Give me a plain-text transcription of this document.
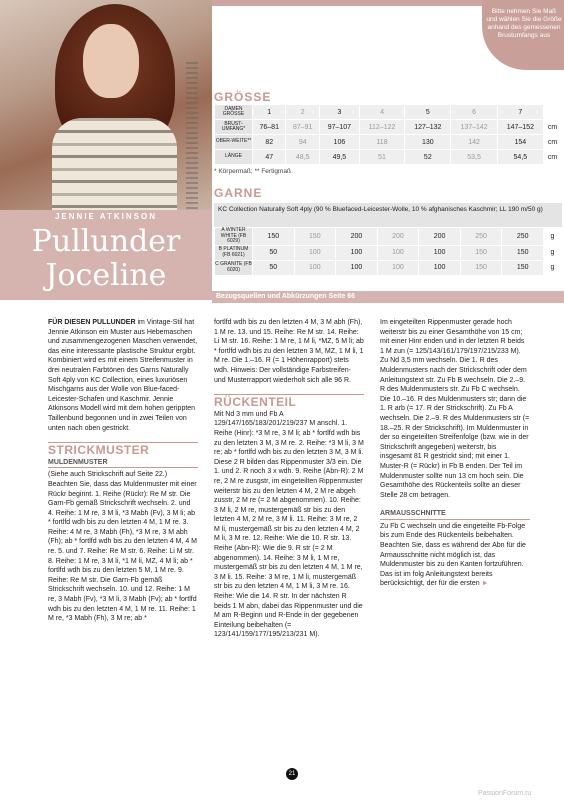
Bitte nehmen Sie Maß und wählen Sie die Größe anhand des gemessenen Brustumfangs aus
JENNIE ATKINSON
Pullunder
Joceline
GRÖSSE
DAMEN GRÖSSE	1	2	3	4	5	6	7	
BRUST-UMFANG*	76–81	87–91	97–107	112–122	127–132	137–142	147–152	cm
OBER-WEITE**	82	94	106	118	130	142	154	cm
LÄNGE	47	48,5	49,5	51	52	53,5	54,5	cm
* Körpermaß; ** Fertigmaß
GARNE
KC Collection Naturally Soft 4ply (90 % Bluefaced-Leicester-Wolle, 10 % afghanisches Kaschmir; LL 190 m/50 g)
A WINTER WHITE (FB 6029)	150	150	200	200	200	250	250	g
B PLATINUM (FB 6021)	50	100	100	100	100	150	150	g
C GRANITE (FB 6020)	50	100	100	100	100	150	150	g
Bezugsquellen und Abkürzungen Seite 66

FÜR DIESEN PULLUNDER im Vintage-Stil hat Jennie Atkinson ein Muster aus Hebemaschen und zusammengezogenen Maschen verwendet, das eine interessante plastische Struktur ergibt. Kombiniert wird es mit einem Streifenmuster in drei neutralen Farbtönen des Garns Naturally Soft 4ply von KC Collection, eines luxuriösen Mischgarns aus der Wolle von Blue-faced-Leicester-Schafen und Kaschmir. Jennie Atkinsons Modell wird mit dem hohen gerippten Taillenbund begonnen und in zwei Teilen von unten nach oben gestrickt.

STRICKMUSTER
MULDENMUSTER
(Siehe auch Strickschrift auf Seite 22.) Beachten Sie, dass das Muldenmuster mit einer Rückr beginnt. 1. Reihe (Rückr): Re M str. Die Garn-Fb gemäß Strickschrift wechseln. 2. und 4. Reihe: 1 M re, 3 M li, *3 Mabh (Fv), 3 M li; ab * fortlfd wdh bis zu den letzten 4 M, 1 M re. 3. Reihe: 4 M re, 3 Mabh (Fh), *3 M re, 3 M abh (Fh); ab * fortlfd wdh bis zu den letzten 4 M, 4 M re. 5. und 7. Reihe: Re M str. 6. Reihe: Li M str. 8. Reihe: 1 M re, 3 M li, *1 M li, MZ, 4 M li; ab * fortlfd wdh bis zu den letzten 5 M, 1 M re. 9. Reihe: Re M str. Die Garn-Fb gemäß Strickschrift wechseln. 10. und 12. Reihe: 1 M re, 3 Mabh (Fv), *3 M li, 3 Mabh (Fv); ab * fortlfd wdh bis zu den letzten 4 M, 1 M re. 11. Reihe: 1 M re, *3 Mabh (Fh), 3 M re; ab *

fortlfd wdh bis zu den letzten 4 M, 3 M abh (Fh), 1 M re. 13. und 15. Reihe: Re M str. 14. Reihe: Li M str. 16. Reihe: 1 M re, 1 M li, *MZ, 5 M li; ab * fortlfd wdh bis zu den letzten 3 M, MZ, 1 M li, 1 M re. Die 1.–16. R (= 1 Höhenrapport) stets wdh. Hinweis: Der vollständige Farbstreifen- und Musterrapport wiederholt sich alle 96 R.

RÜCKENTEIL
Mit Nd 3 mm und Fb A 129/147/165/183/201/219/237 M anschl. 1. Reihe (Hinr): *3 M re, 3 M li; ab * fortlfd wdh bis zu den letzten 3 M, 3 M re. 2. Reihe: *3 M li, 3 M re; ab * fortlfd wdh bis zu den letzten 3 M, 3 M li. Diese 2 R bilden das Rippenmuster 3/3 ein. Die 1. und 2. R noch 3 x wdh. 9. Reihe (Abn-R): 2 M re, 2 M re zusgstr, im eingeteilten Rippenmuster weiterstr bis zu den letzten 4 M, 2 M re abgeh zusstr, 2 M re (= 2 M abgenommen). 10. Reihe: 3 M li, 2 M re, mustergemäß str bis zu den letzten 4 M, 2 M re, 3 M li. 11. Reihe: 3 M re, 2 M li, mustergemäß str bis zu den letzten 4 M, 2 M li, 3 M re. 12. Reihe: Wie die 10. R str. 13. Reihe (Abn-R): Wie die 9. R str (= 2 M abgenommen). 14. Reihe: 3 M li, 1 M re, mustergemäß str bis zu den letzten 4 M, 1 M re, 3 M li. 15. Reihe: 3 M re, 1 M li, mustergemäß str bis zu den letzten 4 M, 1 M li, 3 M re. 16. Reihe: Wie die 14. R str. In der nächsten R beids 1 M abn, dabei das Rippenmuster und die M am R-Beginn und R-Ende in der gegebenen Einteilung beibehalten (= 123/141/159/177/195/213/231 M).

Im eingeteilten Rippenmuster gerade hoch weiterstr bis zu einer Gesamthöhe von 15 cm; mit einer Hinr enden und in der letzten R beids 1 M zun (= 125/143/161/179/197/215/233 M). Zu Nd 3,5 mm wechseln. Die 1. R des Muldenmusters nach der Strickschrift oder dem Anleitungstext str. Zu Fb B wechseln. Die 2.–9. R des Muldenmusters str. Zu Fb C wechseln. Die 10.–16. R des Muldenmusters str; dann die 1. R arb (= 17. R der Strickschrift). Zu Fb A wechseln. Die 2.–9. R des Muldenmusters str (= 18.–25. R der Strickschrift). Im Muldenmuster in der so eingeteilten Streifenfolge (bzw. wie in der Strickschrift angegeben) weiterstr, bis insgesamt 81 R gestrickt sind; mit einer 1. Muster-R (= Rückr) in Fb B enden. Der Teil im Muldenmuster sollte nun 13 cm hoch sein. Die Gesamthöhe des Rückenteils sollte an dieser Stelle 28 cm betragen.

ARMAUSSCHNITTE
Zu Fb C wechseln und die eingeteilte Fb-Folge bis zum Ende des Rückenteils beibehalten. Beachten Sie, dass es während der Abn für die Armausschnitte nicht möglich ist, das Muldenmuster bis zu den Kanten fortzuführen. Das ist im folg Anleitungstext bereits berücksichtigt, der für die ersten ►
21
PassionForum.ru
